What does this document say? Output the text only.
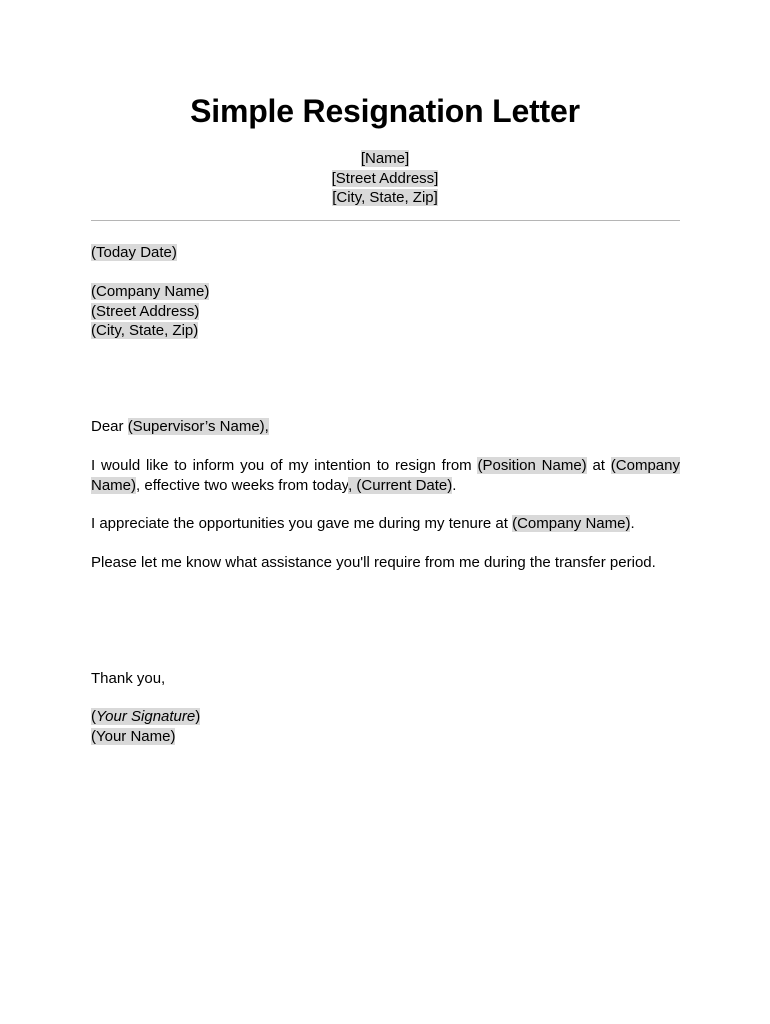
Simple Resignation Letter
[Name]
[Street Address]
[City, State, Zip]
(Today Date)
(Company Name)
(Street Address)
(City, State, Zip)
Dear (Supervisor’s Name),
I would like to inform you of my intention to resign from (Position Name) at (Company Name), effective two weeks from today, (Current Date).
I appreciate the opportunities you gave me during my tenure at (Company Name).
Please let me know what assistance you'll require from me during the transfer period.
Thank you,
(Your Signature)
(Your Name)
